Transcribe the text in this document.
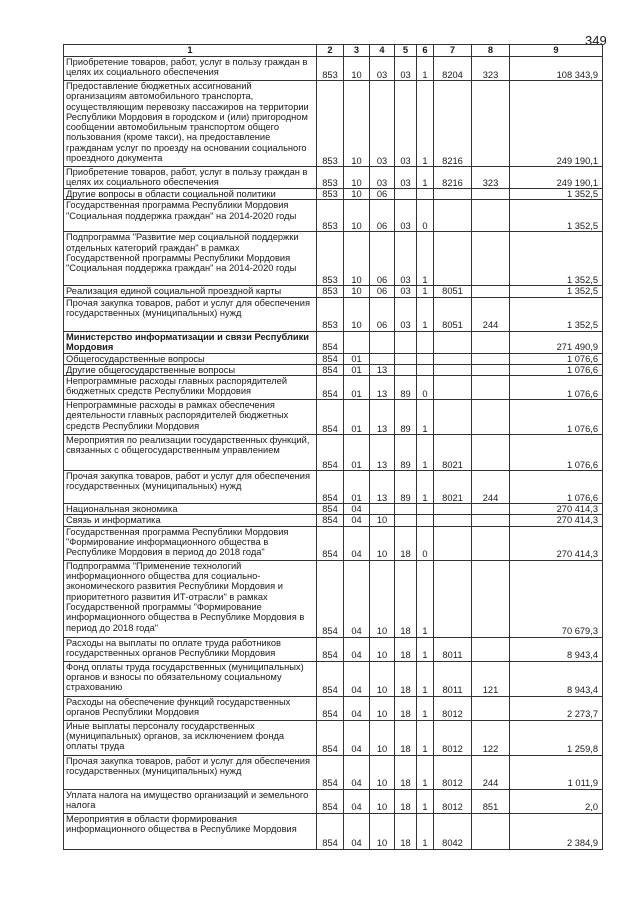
349
1	2	3	4	5	6	7	8	9
Приобретение товаров, работ, услуг в пользу граждан в целях их социального обеспечения	853	10	03	03	1	8204	323	108 343,9
Предоставление бюджетных ассигнований организациям автомобильного транспорта, осуществляющим перевозку пассажиров на территории Республики Мордовия в городском и (или) пригородном сообщении автомобильным транспортом общего пользования (кроме такси), на предоставление гражданам услуг по проезду на основании социального проездного документа	853	10	03	03	1	8216		249 190,1
Приобретение товаров, работ, услуг в пользу граждан в целях их социального обеспечения	853	10	03	03	1	8216	323	249 190,1
Другие вопросы в области социальной политики	853	10	06					1 352,5
Государственная программа Республики Мордовия "Социальная поддержка граждан" на 2014-2020 годы	853	10	06	03	0			1 352,5
Подпрограмма "Развитие мер социальной поддержки отдельных категорий граждан" в рамках Государственной программы Республики Мордовия "Социальная поддержка граждан" на 2014-2020 годы	853	10	06	03	1			1 352,5
Реализация единой социальной проездной карты	853	10	06	03	1	8051		1 352,5
Прочая закупка товаров, работ и услуг для обеспечения государственных (муниципальных) нужд	853	10	06	03	1	8051	244	1 352,5
Министерство информатизации и связи Республики Мордовия	854							271 490,9
Общегосударственные вопросы	854	01						1 076,6
Другие общегосударственные вопросы	854	01	13					1 076,6
Непрограммные расходы главных распорядителей бюджетных средств Республики Мордовия	854	01	13	89	0			1 076,6
Непрограммные расходы в рамках обеспечения деятельности главных распорядителей бюджетных средств Республики Мордовия	854	01	13	89	1			1 076,6
Мероприятия по реализации государственных функций, связанных с общегосударственным управлением	854	01	13	89	1	8021		1 076,6
Прочая закупка товаров, работ и услуг для обеспечения государственных (муниципальных) нужд	854	01	13	89	1	8021	244	1 076,6
Национальная экономика	854	04						270 414,3
Связь и информатика	854	04	10					270 414,3
Государственная программа Республики Мордовия "Формирование информационного общества в Республике Мордовия в период до 2018 года"	854	04	10	18	0			270 414,3
Подпрограмма "Применение технологий информационного общества для социально-экономического развития Республики Мордовия и приоритетного развития ИТ-отрасли" в рамках Государственной программы "Формирование информационного общества в Республике Мордовия в период до 2018 года"	854	04	10	18	1			70 679,3
Расходы на выплаты по оплате труда работников государственных органов Республики Мордовия	854	04	10	18	1	8011		8 943,4
Фонд оплаты труда государственных (муниципальных) органов и взносы по обязательному социальному страхованию	854	04	10	18	1	8011	121	8 943,4
Расходы на обеспечение функций государственных органов Республики Мордовия	854	04	10	18	1	8012		2 273,7
Иные выплаты персоналу государственных (муниципальных) органов, за исключением фонда оплаты труда	854	04	10	18	1	8012	122	1 259,8
Прочая закупка товаров, работ и услуг для обеспечения государственных (муниципальных) нужд	854	04	10	18	1	8012	244	1 011,9
Уплата налога на имущество организаций и земельного налога	854	04	10	18	1	8012	851	2,0
Мероприятия в области формирования информационного общества в Республике Мордовия	854	04	10	18	1	8042		2 384,9
